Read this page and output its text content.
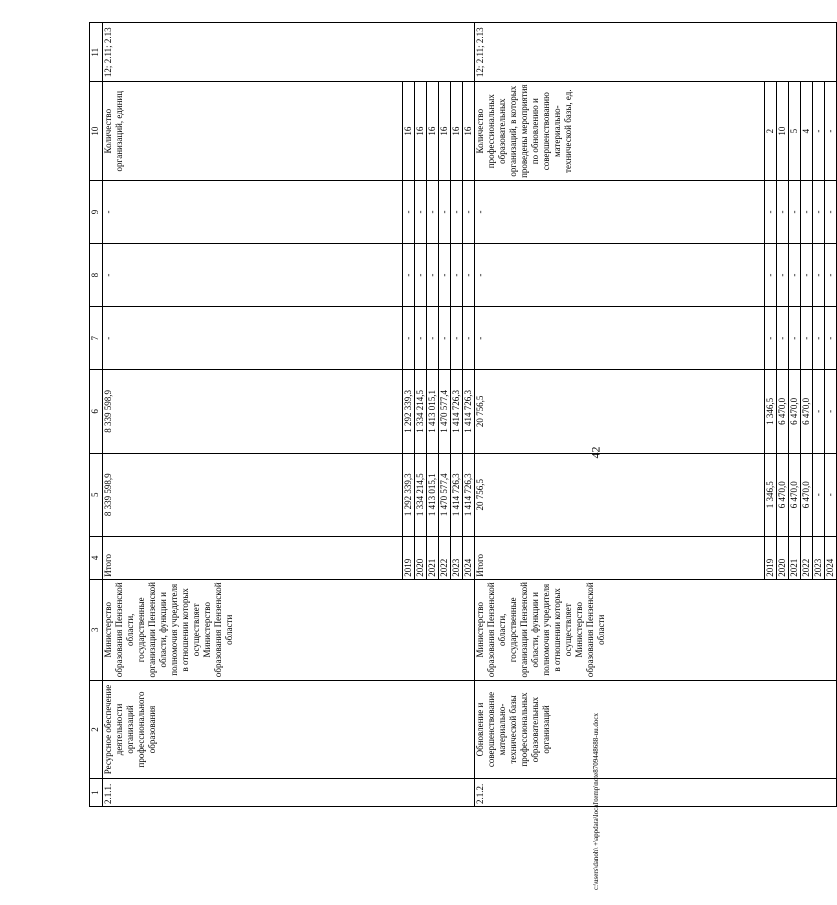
42
c:\users\danoh\ +\appdata\local\temp\note8709448688-uu.docx
1	2	3	4	5	6	7	8	9	10	11
2.1.1.	Ресурсное обеспечение деятельности организаций профессионального образования	Министерство образования Пензенской области, государственные организации Пензенской области, функции и полномочия учредителя в отношении которых осуществляет Министерство образования Пензенской области	Итого	8 339 598,9	8 339 598,9	-	-	-	Количество организаций, единиц	12; 2.11; 2.13
			2019	1 292 339,3	1 292 339,3	-	-	-	16	
			2020	1 334 214,5	1 334 214,5	-	-	-	16	
			2021	1 413 015,1	1 413 015,1	-	-	-	16	
			2022	1 470 577,4	1 470 577,4	-	-	-	16	
			2023	1 414 726,3	1 414 726,3	-	-	-	16	
			2024	1 414 726,3	1 414 726,3	-	-	-	16	
2.1.2.	Обновление и совершенствование материально-технической базы профессиональных образовательных организаций	Министерство образования Пензенской области, государственные организации Пензенской области, функции и полномочия учредителя в отношении которых осуществляет Министерство образования Пензенской области	Итого	20 756,5	20 756,5	-	-	-	Количество профессиональных образовательных организаций, в которых проведены мероприятия по обновлению и совершенствованию материально-технической базы, ед.	12; 2.11; 2.13
			2019	1 346,5	1 346,5	-	-	-	2	
			2020	6 470,0	6 470,0	-	-	-	10	
			2021	6 470,0	6 470,0	-	-	-	5	
			2022	6 470,0	6 470,0	-	-	-	4	
			2023	-	-	-	-	-	-	
			2024	-	-	-	-	-	-	
